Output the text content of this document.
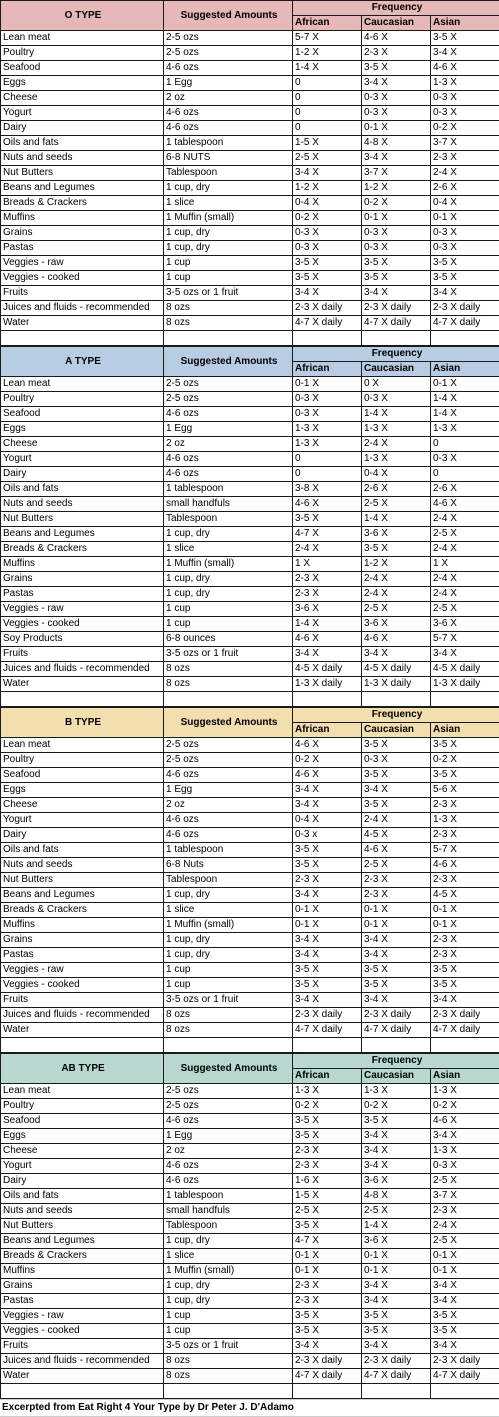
O TYPE	Suggested Amounts	Frequency		
		African	Caucasian	Asian
Lean meat	2-5 ozs	5-7 X	4-6 X	3-5 X
Poultry	2-5 ozs	1-2 X	2-3 X	3-4 X
Seafood	4-6 ozs	1-4 X	3-5 X	4-6 X
Eggs	1 Egg	0	3-4 X	1-3 X
Cheese	2 oz	0	0-3 X	0-3 X
Yogurt	4-6 ozs	0	0-3 X	0-3 X
Dairy	4-6 ozs	0	0-1 X	0-2 X
Oils and fats	1 tablespoon	1-5 X	4-8 X	3-7 X
Nuts and seeds	6-8 NUTS	2-5 X	3-4 X	2-3 X
Nut Butters	Tablespoon	3-4 X	3-7 X	2-4 X
Beans and Legumes	1 cup, dry	1-2 X	1-2 X	2-6 X
Breads & Crackers	1 slice	0-4 X	0-2 X	0-4 X
Muffins	1 Muffin (small)	0-2 X	0-1 X	0-1 X
Grains	1 cup, dry	0-3 X	0-3 X	0-3 X
Pastas	1 cup, dry	0-3 X	0-3 X	0-3 X
Veggies - raw	1 cup	3-5 X	3-5 X	3-5 X
Veggies - cooked	1 cup	3-5 X	3-5 X	3-5 X
Fruits	3-5 ozs or 1 fruit	3-4 X	3-4 X	3-4 X
Juices and fluids - recommended	8 ozs	2-3 X daily	2-3 X daily	2-3 X daily
Water	8 ozs	4-7 X daily	4-7 X daily	4-7 X daily

A TYPE	Suggested Amounts	Frequency		
		African	Caucasian	Asian
Lean meat	2-5 ozs	0-1 X	0 X	0-1 X
Poultry	2-5 ozs	0-3 X	0-3 X	1-4 X
Seafood	4-6 ozs	0-3 X	1-4 X	1-4 X
Eggs	1 Egg	1-3 X	1-3 X	1-3 X
Cheese	2 oz	1-3 X	2-4 X	0
Yogurt	4-6 ozs	0	1-3 X	0-3 X
Dairy	4-6 ozs	0	0-4 X	0
Oils and fats	1 tablespoon	3-8 X	2-6 X	2-6 X
Nuts and seeds	small handfuls	4-6 X	2-5 X	4-6 X
Nut Butters	Tablespoon	3-5 X	1-4 X	2-4 X
Beans and Legumes	1 cup, dry	4-7 X	3-6 X	2-5 X
Breads & Crackers	1 slice	2-4 X	3-5 X	2-4 X
Muffins	1 Muffin (small)	1 X	1-2 X	1 X
Grains	1 cup, dry	2-3 X	2-4 X	2-4 X
Pastas	1 cup, dry	2-3 X	2-4 X	2-4 X
Veggies - raw	1 cup	3-6 X	2-5 X	2-5 X
Veggies - cooked	1 cup	1-4 X	3-6 X	3-6 X
Soy Products	6-8 ounces	4-6 X	4-6 X	5-7 X
Fruits	3-5 ozs or 1 fruit	3-4 X	3-4 X	3-4 X
Juices and fluids - recommended	8 ozs	4-5 X daily	4-5 X daily	4-5 X daily
Water	8 ozs	1-3 X daily	1-3 X daily	1-3 X daily

B TYPE	Suggested Amounts	Frequency		
		African	Caucasian	Asian
Lean meat	2-5 ozs	4-6 X	3-5 X	3-5 X
Poultry	2-5 ozs	0-2 X	0-3 X	0-2 X
Seafood	4-6 ozs	4-6 X	3-5 X	3-5 X
Eggs	1 Egg	3-4 X	3-4 X	5-6 X
Cheese	2 oz	3-4 X	3-5 X	2-3 X
Yogurt	4-6 ozs	0-4 X	2-4 X	1-3 X
Dairy	4-6 ozs	0-3 x	4-5 X	2-3 X
Oils and fats	1 tablespoon	3-5 X	4-6 X	5-7 X
Nuts and seeds	6-8 Nuts	3-5 X	2-5 X	4-6 X
Nut Butters	Tablespoon	2-3 X	2-3 X	2-3 X
Beans and Legumes	1 cup, dry	3-4 X	2-3 X	4-5 X
Breads & Crackers	1 slice	0-1 X	0-1 X	0-1 X
Muffins	1 Muffin (small)	0-1 X	0-1 X	0-1 X
Grains	1 cup, dry	3-4 X	3-4 X	2-3 X
Pastas	1 cup, dry	3-4 X	3-4 X	2-3 X
Veggies - raw	1 cup	3-5 X	3-5 X	3-5 X
Veggies - cooked	1 cup	3-5 X	3-5 X	3-5 X
Fruits	3-5 ozs or 1 fruit	3-4 X	3-4 X	3-4 X
Juices and fluids - recommended	8 ozs	2-3 X daily	2-3 X daily	2-3 X daily
Water	8 ozs	4-7 X daily	4-7 X daily	4-7 X daily

AB TYPE	Suggested Amounts	Frequency		
		African	Caucasian	Asian
Lean meat	2-5 ozs	1-3 X	1-3 X	1-3 X
Poultry	2-5 ozs	0-2 X	0-2 X	0-2 X
Seafood	4-6 ozs	3-5 X	3-5 X	4-6 X
Eggs	1 Egg	3-5 X	3-4 X	3-4 X
Cheese	2 oz	2-3 X	3-4 X	1-3 X
Yogurt	4-6 ozs	2-3 X	3-4 X	0-3 X
Dairy	4-6 ozs	1-6 X	3-6 X	2-5 X
Oils and fats	1 tablespoon	1-5 X	4-8 X	3-7 X
Nuts and seeds	small handfuls	2-5 X	2-5 X	2-3 X
Nut Butters	Tablespoon	3-5 X	1-4 X	2-4 X
Beans and Legumes	1 cup, dry	4-7 X	3-6 X	2-5 X
Breads & Crackers	1 slice	0-1 X	0-1 X	0-1 X
Muffins	1 Muffin (small)	0-1 X	0-1 X	0-1 X
Grains	1 cup, dry	2-3 X	3-4 X	3-4 X
Pastas	1 cup, dry	2-3 X	3-4 X	3-4 X
Veggies - raw	1 cup	3-5 X	3-5 X	3-5 X
Veggies - cooked	1 cup	3-5 X	3-5 X	3-5 X
Fruits	3-5 ozs or 1 fruit	3-4 X	3-4 X	3-4 X
Juices and fluids - recommended	8 ozs	2-3 X daily	2-3 X daily	2-3 X daily
Water	8 ozs	4-7 X daily	4-7 X daily	4-7 X daily

Excerpted from Eat Right 4 Your Type by Dr Peter J. D'Adamo
